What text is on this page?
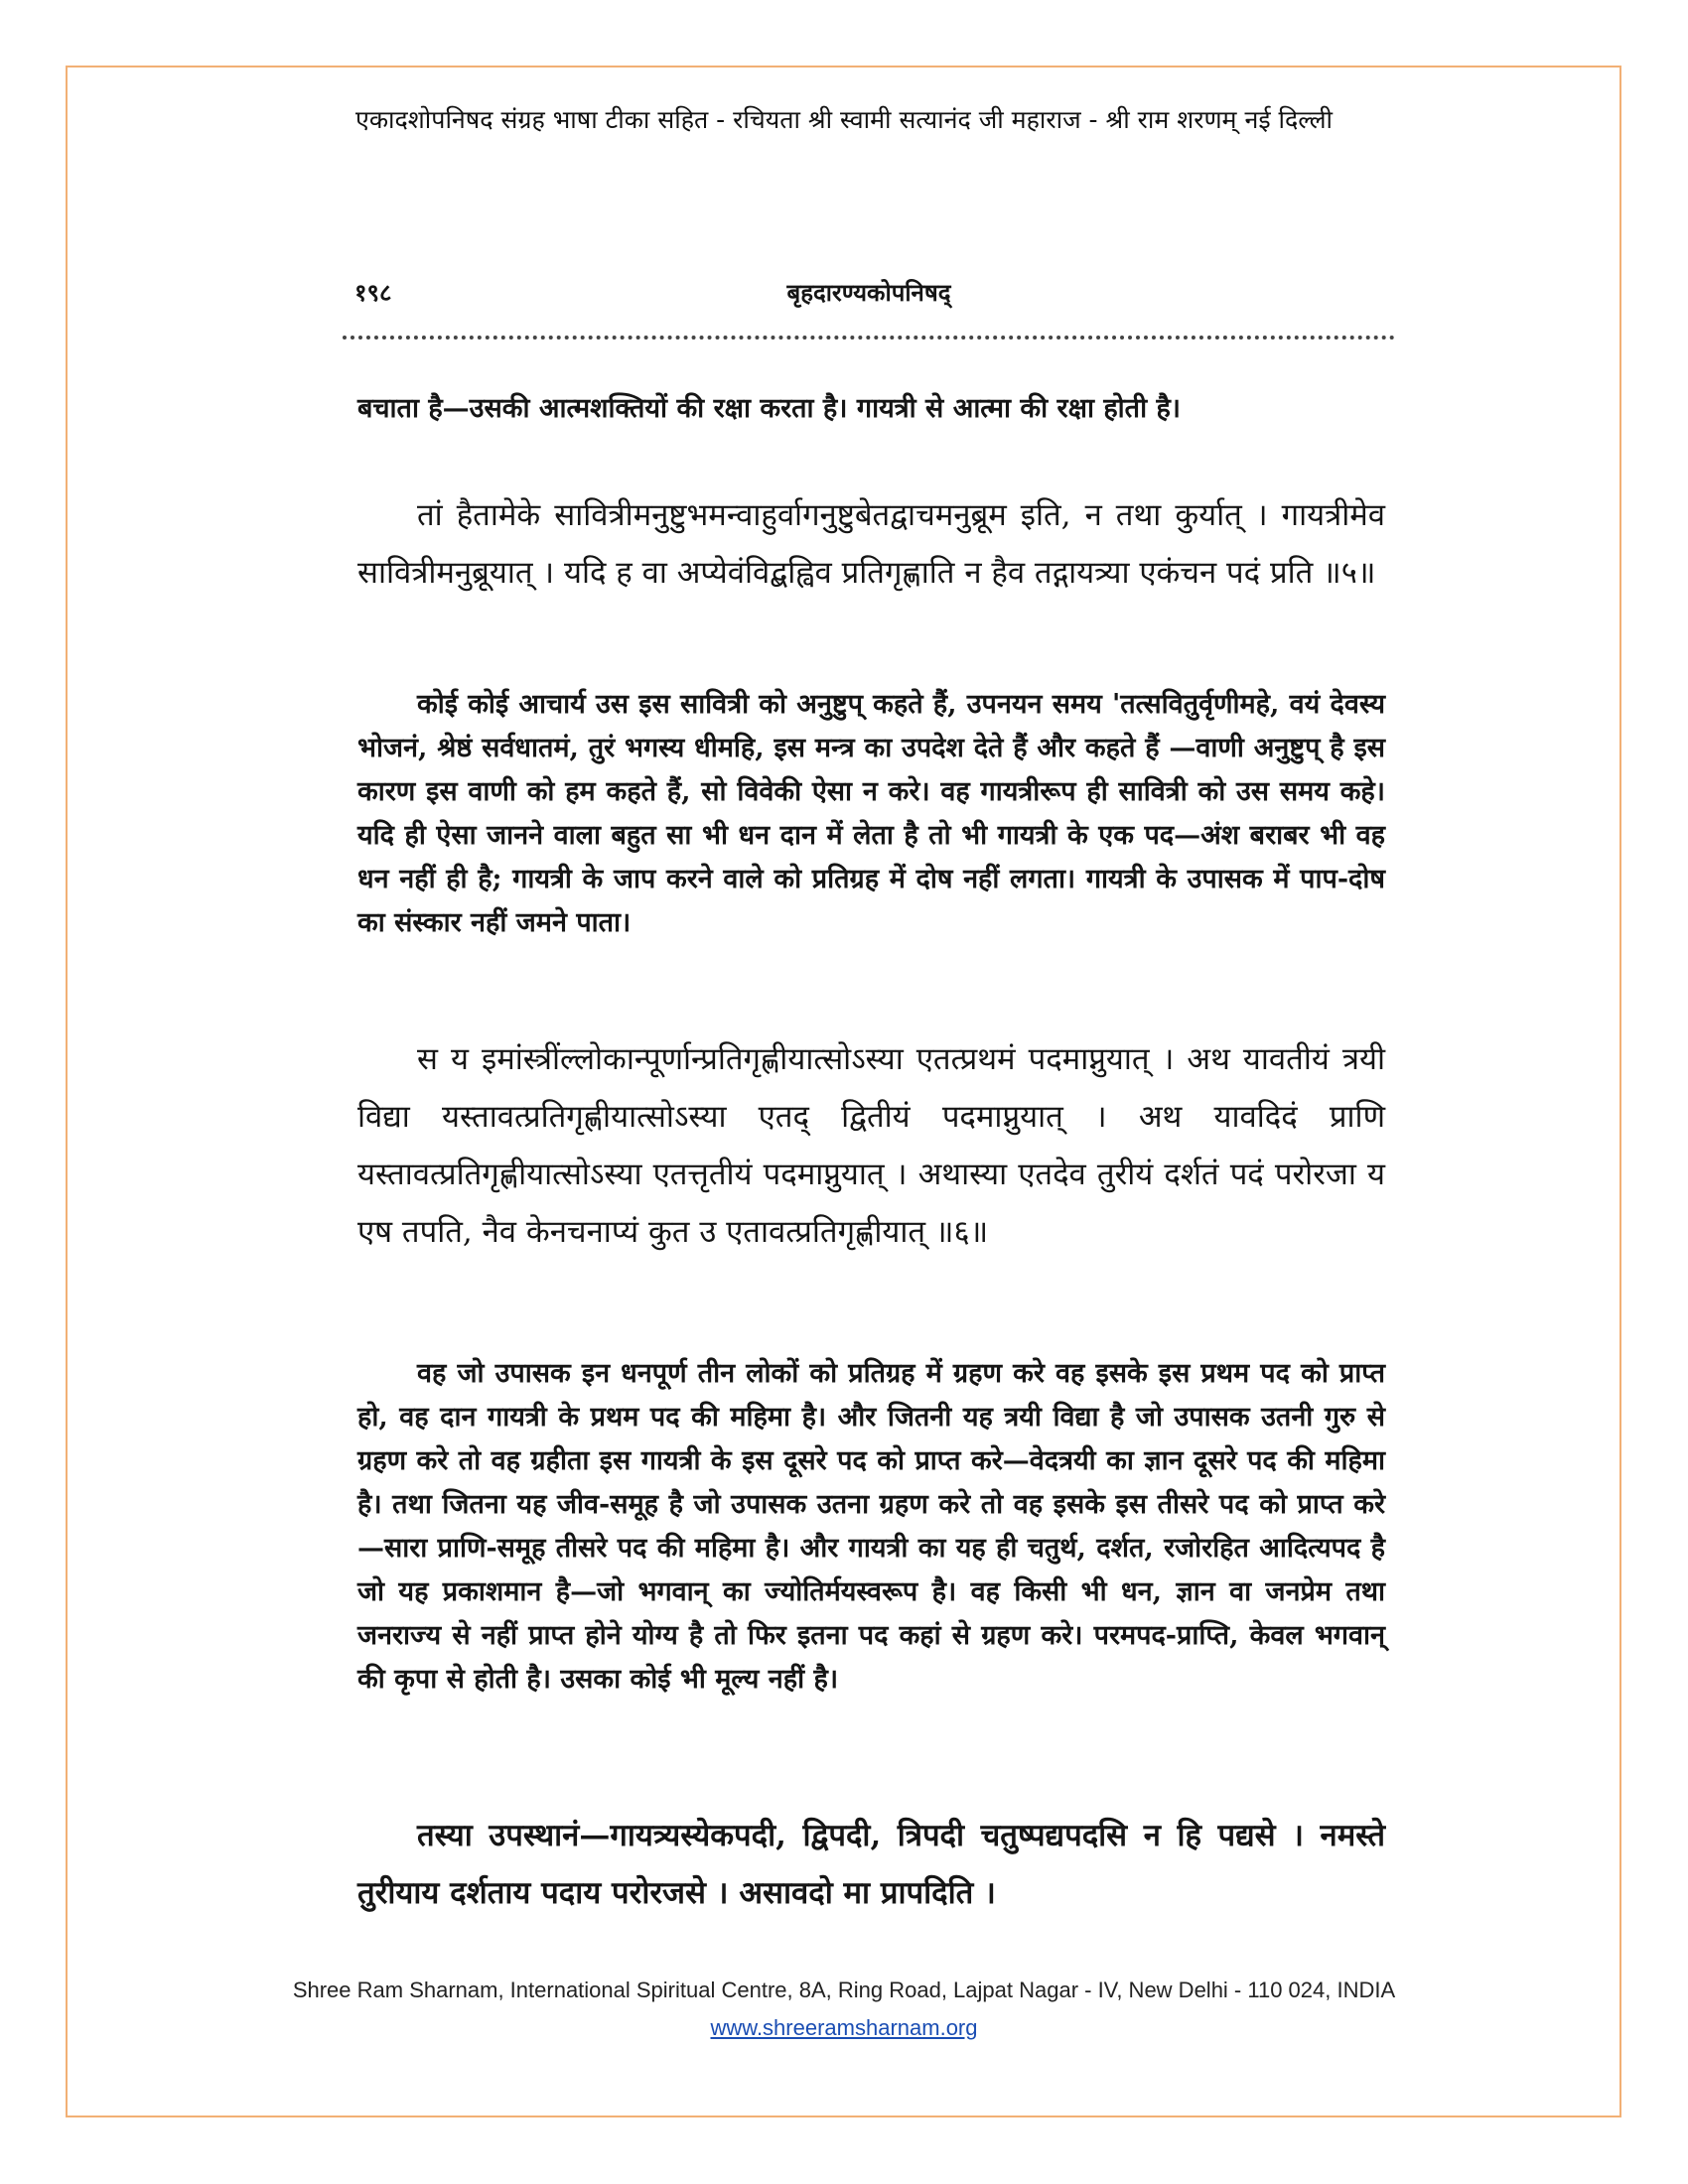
एकादशोपनिषद संग्रह भाषा टीका सहित - रचियता श्री स्वामी सत्यानंद जी महाराज - श्री राम शरणम् नई दिल्ली
१९८	बृहदारण्यकोपनिषद्

बचाता है—उसकी आत्मशक्तियों की रक्षा करता है। गायत्री से आत्मा की रक्षा होती है।

तां हैतामेके सावित्रीमनुष्टुभमन्वाहुर्वागनुष्टुबेतद्वाचमनुब्रूम इति, न तथा कुर्यात् । गायत्रीमेव सावित्रीमनुब्रूयात् । यदि ह वा अप्येवंविद्बह्विव प्रतिगृह्णाति न हैव तद्गायत्र्या एकंचन पदं प्रति ॥५॥

कोई कोई आचार्य उस इस सावित्री को अनुष्टुप् कहते हैं, उपनयन समय 'तत्सवितुर्वृणीमहे, वयं देवस्य भोजनं, श्रेष्ठं सर्वधातमं, तुरं भगस्य धीमहि, इस मन्त्र का उपदेश देते हैं और कहते हैं —वाणी अनुष्टुप् है इस कारण इस वाणी को हम कहते हैं, सो विवेकी ऐसा न करे। वह गायत्रीरूप ही सावित्री को उस समय कहे। यदि ही ऐसा जानने वाला बहुत सा भी धन दान में लेता है तो भी गायत्री के एक पद—अंश बराबर भी वह धन नहीं ही है; गायत्री के जाप करने वाले को प्रतिग्रह में दोष नहीं लगता। गायत्री के उपासक में पाप-दोष का संस्कार नहीं जमने पाता।

स य इमांस्त्रींल्लोकान्पूर्णान्प्रतिगृह्णीयात्सोऽस्या एतत्प्रथमं पदमाप्नुयात् । अथ यावतीयं त्रयी विद्या यस्तावत्प्रतिगृह्णीयात्सोऽस्या एतद् द्वितीयं पदमाप्नुयात् । अथ यावदिदं प्राणि यस्तावत्प्रतिगृह्णीयात्सोऽस्या एतत्तृतीयं पदमाप्नुयात् । अथास्या एतदेव तुरीयं दर्शतं पदं परोरजा य एष तपति, नैव केनचनाप्यं कुत उ एतावत्प्रतिगृह्णीयात् ॥६॥

वह जो उपासक इन धनपूर्ण तीन लोकों को प्रतिग्रह में ग्रहण करे वह इसके इस प्रथम पद को प्राप्त हो, वह दान गायत्री के प्रथम पद की महिमा है। और जितनी यह त्रयी विद्या है जो उपासक उतनी गुरु से ग्रहण करे तो वह ग्रहीता इस गायत्री के इस दूसरे पद को प्राप्त करे—वेदत्रयी का ज्ञान दूसरे पद की महिमा है। तथा जितना यह जीव-समूह है जो उपासक उतना ग्रहण करे तो वह इसके इस तीसरे पद को प्राप्त करे—सारा प्राणि-समूह तीसरे पद की महिमा है। और गायत्री का यह ही चतुर्थ, दर्शत, रजोरहित आदित्यपद है जो यह प्रकाशमान है—जो भगवान् का ज्योतिर्मयस्वरूप है। वह किसी भी धन, ज्ञान वा जनप्रेम तथा जनराज्य से नहीं प्राप्त होने योग्य है तो फिर इतना पद कहां से ग्रहण करे। परमपद-प्राप्ति, केवल भगवान् की कृपा से होती है। उसका कोई भी मूल्य नहीं है।

तस्या उपस्थानं—गायत्र्यस्येकपदी, द्विपदी, त्रिपदी चतुष्पद्यपदसि न हि पद्यसे । नमस्ते तुरीयाय दर्शताय पदाय परोरजसे । असावदो मा प्रापदिति ।

Shree Ram Sharnam, International Spiritual Centre, 8A, Ring Road, Lajpat Nagar - IV, New Delhi - 110 024, INDIA
www.shreeramsharnam.org
